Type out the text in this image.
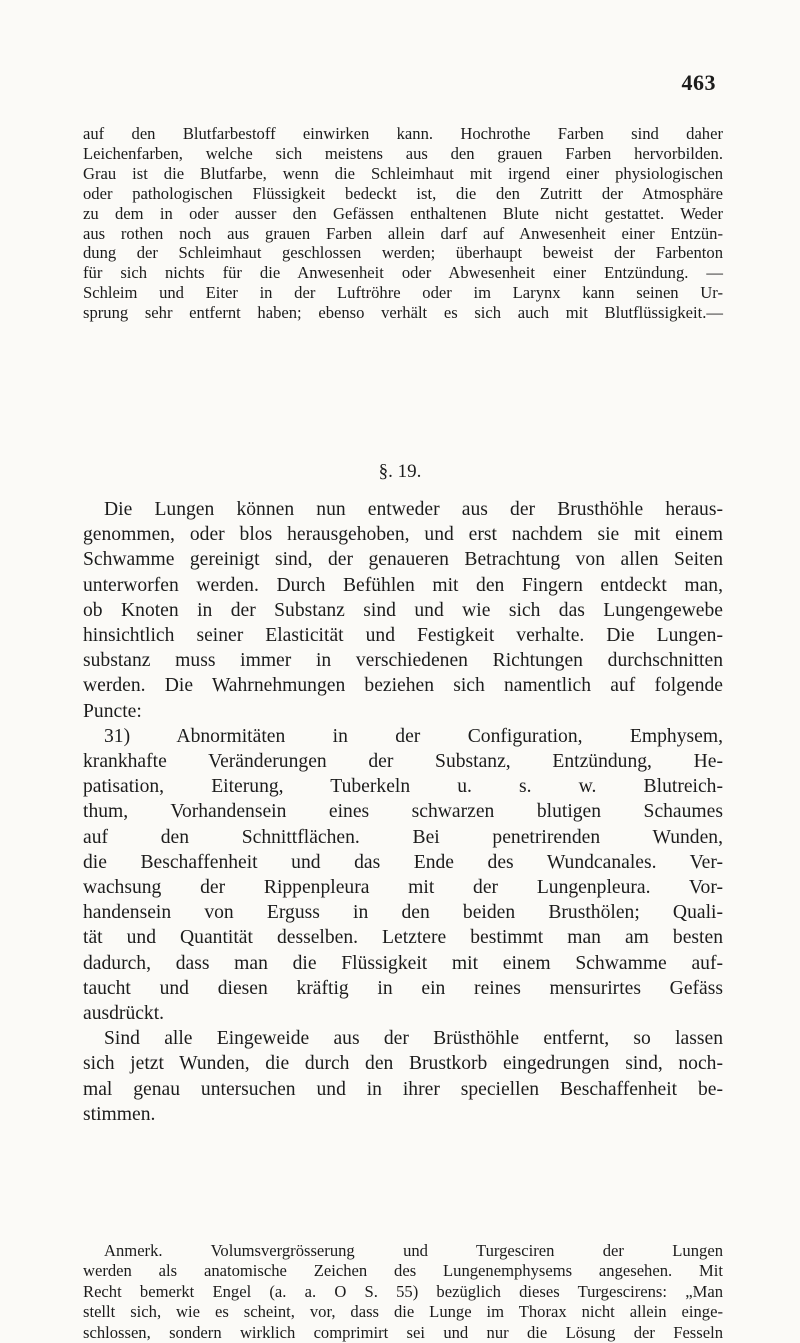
463
auf den Blutfarbestoff einwirken kann. Hochrothe Farben sind daher
Leichenfarben, welche sich meistens aus den grauen Farben hervorbilden.
Grau ist die Blutfarbe, wenn die Schleimhaut mit irgend einer physiologischen
oder pathologischen Flüssigkeit bedeckt ist, die den Zutritt der Atmosphäre
zu dem in oder ausser den Gefässen enthaltenen Blute nicht gestattet. Weder
aus rothen noch aus grauen Farben allein darf auf Anwesenheit einer Entzün-
dung der Schleimhaut geschlossen werden; überhaupt beweist der Farbenton
für sich nichts für die Anwesenheit oder Abwesenheit einer Entzündung. —
Schleim und Eiter in der Luftröhre oder im Larynx kann seinen Ur-
sprung sehr entfernt haben; ebenso verhält es sich auch mit Blutflüssigkeit.—
§. 19.
Die Lungen können nun entweder aus der Brusthöhle heraus-
genommen, oder blos herausgehoben, und erst nachdem sie mit einem
Schwamme gereinigt sind, der genaueren Betrachtung von allen Seiten
unterworfen werden. Durch Befühlen mit den Fingern entdeckt man,
ob Knoten in der Substanz sind und wie sich das Lungengewebe
hinsichtlich seiner Elasticität und Festigkeit verhalte. Die Lungen-
substanz muss immer in verschiedenen Richtungen durchschnitten
werden. Die Wahrnehmungen beziehen sich namentlich auf folgende
Puncte:
31) Abnormitäten in der Configuration, Emphysem,
krankhafte Veränderungen der Substanz, Entzündung, He-
patisation, Eiterung, Tuberkeln u. s. w. Blutreich-
thum, Vorhandensein eines schwarzen blutigen Schaumes
auf den Schnittflächen. Bei penetrirenden Wunden,
die Beschaffenheit und das Ende des Wundcanales. Ver-
wachsung der Rippenpleura mit der Lungenpleura. Vor-
handensein von Erguss in den beiden Brusthölen; Quali-
tät und Quantität desselben. Letztere bestimmt man am besten
dadurch, dass man die Flüssigkeit mit einem Schwamme auf-
taucht und diesen kräftig in ein reines mensurirtes Gefäss
ausdrückt.
Sind alle Eingeweide aus der Brüsthöhle entfernt, so lassen
sich jetzt Wunden, die durch den Brustkorb eingedrungen sind, noch-
mal genau untersuchen und in ihrer speciellen Beschaffenheit be-
stimmen.
Anmerk. Volumsvergrösserung und Turgesciren der Lungen
werden als anatomische Zeichen des Lungenemphysems angesehen. Mit
Recht bemerkt Engel (a. a. O S. 55) bezüglich dieses Turgescirens: „Man
stellt sich, wie es scheint, vor, dass die Lunge im Thorax nicht allein einge-
schlossen, sondern wirklich comprimirt sei und nur die Lösung der Fesseln
